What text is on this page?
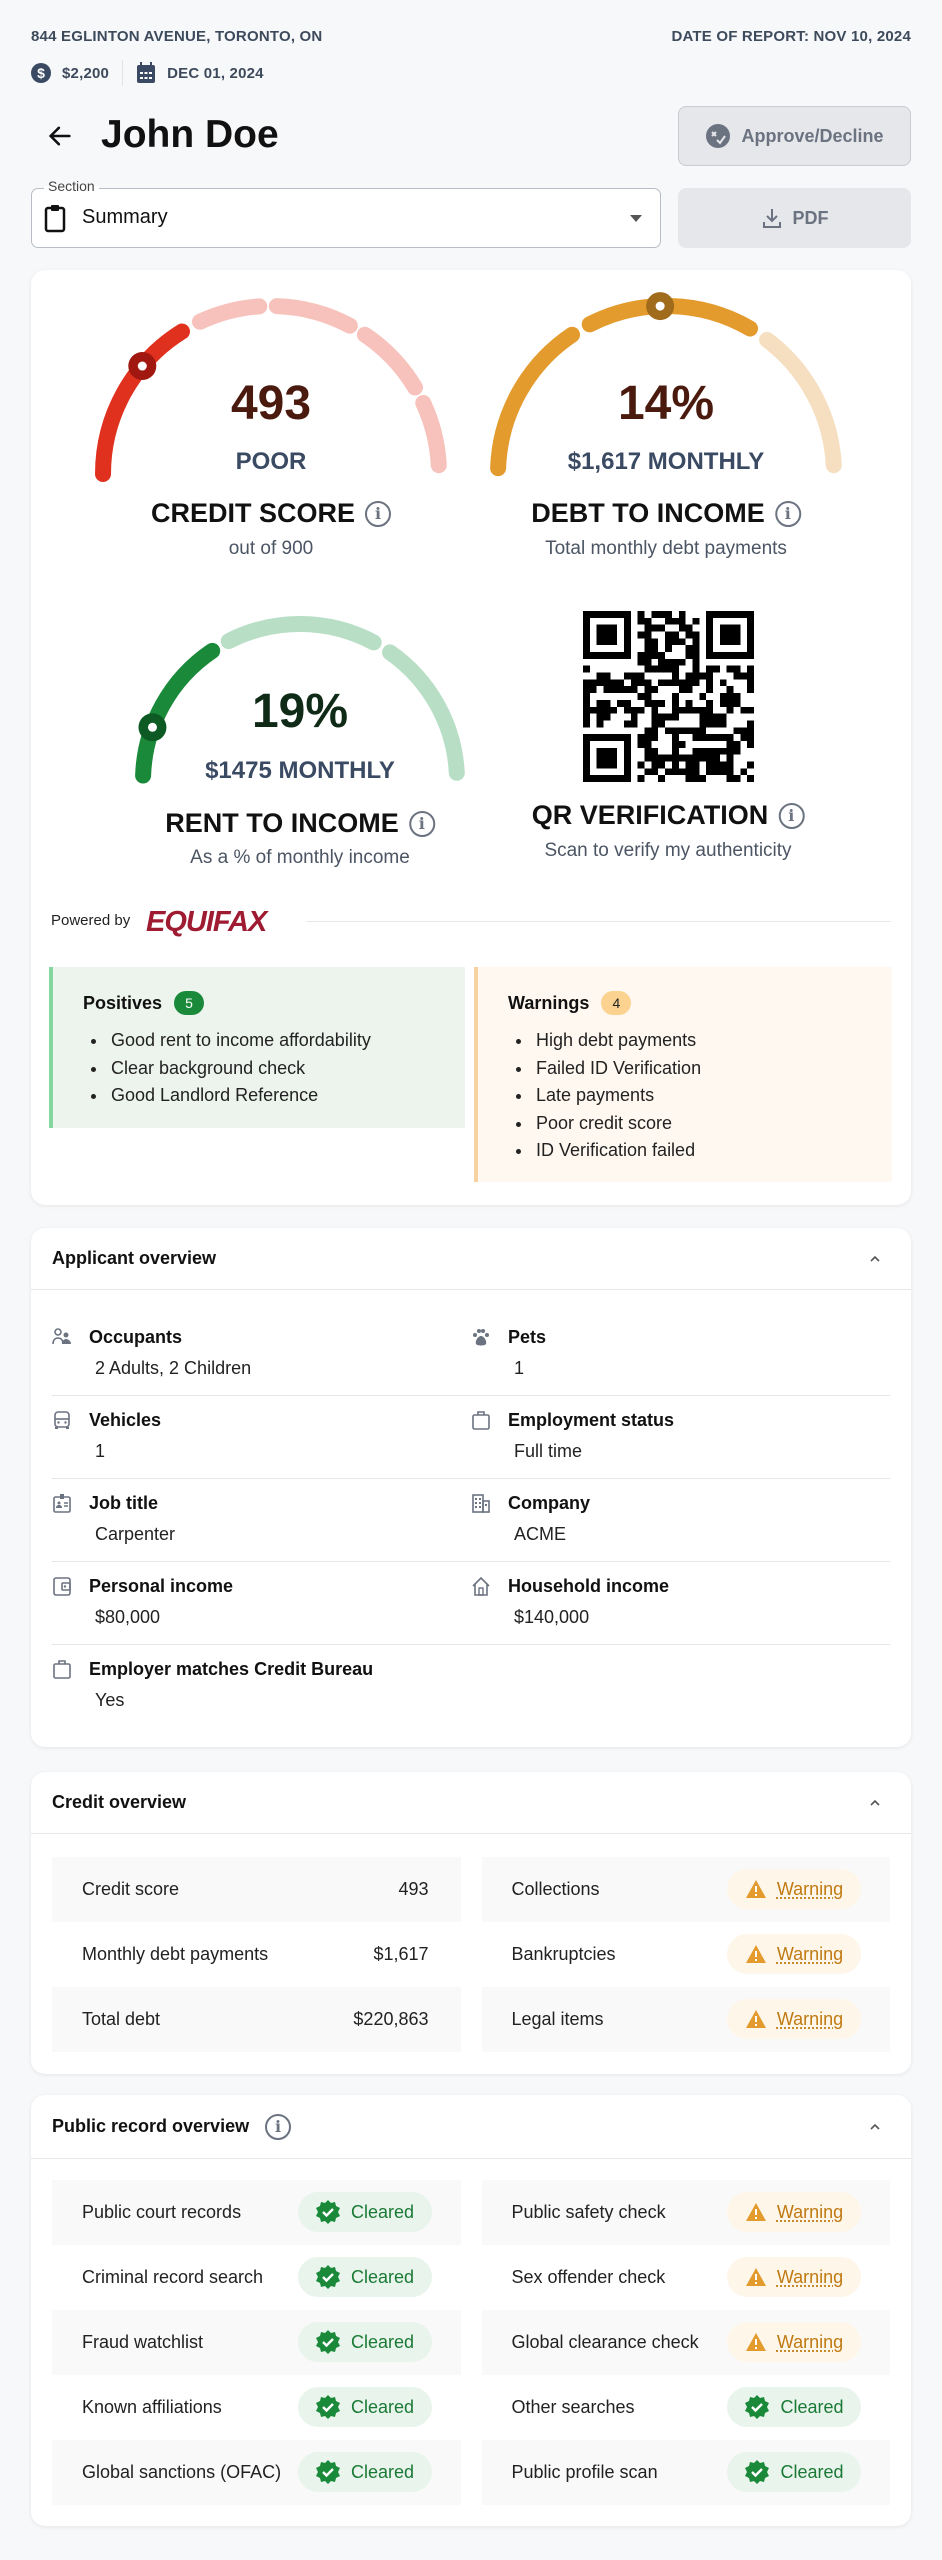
844 EGLINTON AVENUE, TORONTO, ON	DATE OF REPORT: NOV 10, 2024
$ $2,200	DEC 01, 2024
John Doe	Approve/Decline
Section
Summary	PDF
493
POOR
CREDIT SCORE	i
out of 900
14%
$1,617 MONTHLY
DEBT TO INCOME	i
Total monthly debt payments
19%
$1475 MONTHLY
RENT TO INCOME	i
As a % of monthly income
QR VERIFICATION	i
Scan to verify my authenticity
Powered by EQUIFAX
Positives	5
Good rent to income affordability
Clear background check
Good Landlord Reference
Warnings	4
High debt payments
Failed ID Verification
Late payments
Poor credit score
ID Verification failed
Applicant overview
Occupants
2 Adults, 2 Children
Pets
1
Vehicles
1
Employment status
Full time
Job title
Carpenter
Company
ACME
Personal income
$80,000
Household income
$140,000
Employer matches Credit Bureau
Yes
Credit overview
Credit score	493	Collections	Warning
Monthly debt payments	$1,617	Bankruptcies	Warning
Total debt	$220,863	Legal items	Warning
Public record overview	i
Public court records	Cleared	Public safety check	Warning
Criminal record search	Cleared	Sex offender check	Warning
Fraud watchlist	Cleared	Global clearance check	Warning
Known affiliations	Cleared	Other searches	Cleared
Global sanctions (OFAC)	Cleared	Public profile scan	Cleared
